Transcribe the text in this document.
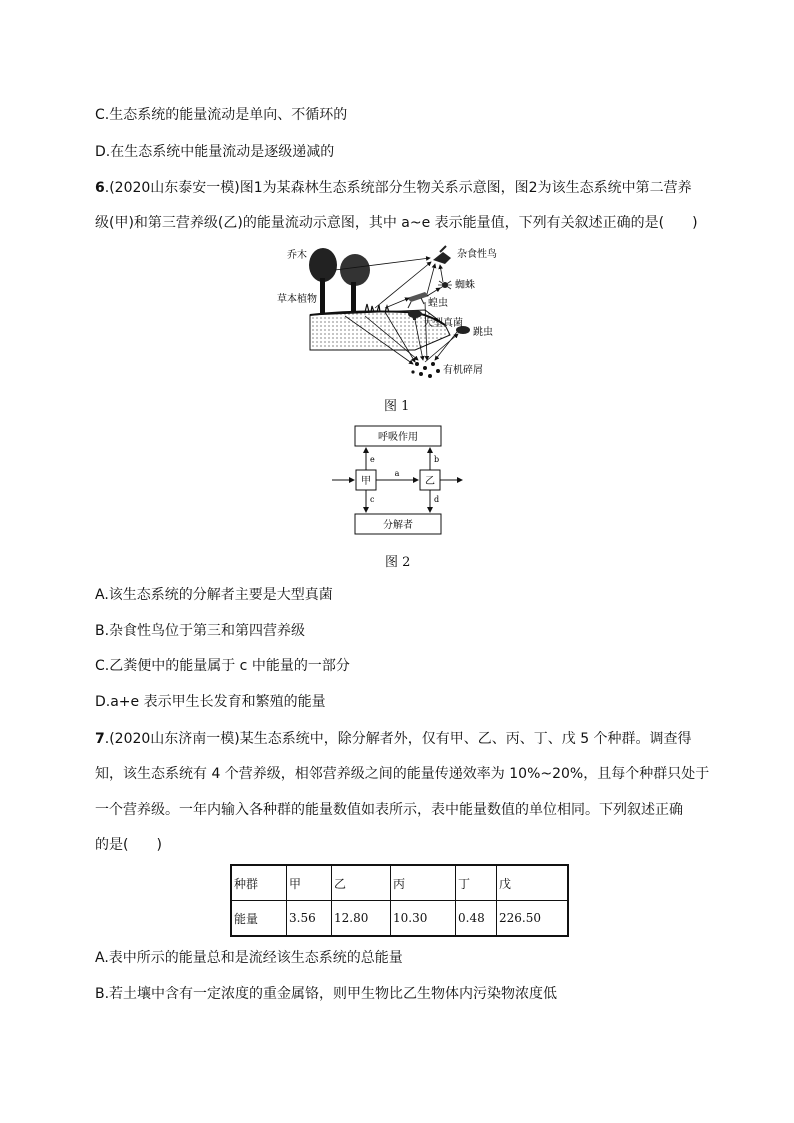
C.生态系统的能量流动是单向、不循环的
D.在生态系统中能量流动是逐级递减的
6.(2020山东泰安一模)图1为某森林生态系统部分生物关系示意图，图2为该生态系统中第二营养
级(甲)和第三营养级(乙)的能量流动示意图，其中 a~e 表示能量值，下列有关叙述正确的是(　　)
乔木
草本植物
杂食性鸟
蜘蛛
蝗虫
大型真菌
跳虫
有机碎屑
图 1
呼吸作用
分解者
甲	乙
a
e	b
c	d
图 2
A.该生态系统的分解者主要是大型真菌
B.杂食性鸟位于第三和第四营养级
C.乙粪便中的能量属于 c 中能量的一部分
D.a+e 表示甲生长发育和繁殖的能量
7.(2020山东济南一模)某生态系统中，除分解者外，仅有甲、乙、丙、丁、戊 5 个种群。调查得
知，该生态系统有 4 个营养级，相邻营养级之间的能量传递效率为 10%~20%，且每个种群只处于
一个营养级。一年内输入各种群的能量数值如表所示，表中能量数值的单位相同。下列叙述正确
的是(　　)
种群	甲	乙	丙	丁	戊
能量	3.56	12.80	10.30	0.48	226.50
A.表中所示的能量总和是流经该生态系统的总能量
B.若土壤中含有一定浓度的重金属铬，则甲生物比乙生物体内污染物浓度低
